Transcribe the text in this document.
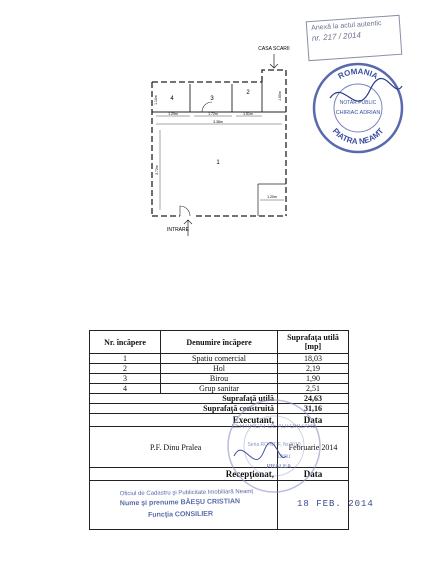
Anexă la actul autentic
nr. 217 / 2014
ROMANIA
PIATRA NEAMT
NOTAR PUBLIC
CHIRIAC ADRIAN
CASA SCARII
INTRARE
4	3
2
1
1.10m
1.29m	1.72m	1.51m
1.60m
3.38m
3.72m
1.20m
Nr. încăpere	Denumire încăpere	Suprafaţa utilă [mp]
1	Spatiu comercial	18,03
2	Hol	2,19
3	Birou	1,90
4	Grup sanitar	2,51
Suprafaţă utilă		24,63
Suprafaţă construită		31,16
Executant,		Data
P.F. Dinu Pralea		Februarie 2014
Recepţionat,		Data

CERTIFICAT DE AUTORIZARE
Seria RO-NT-F, Nr.0010
Dinu
PRALEA
Oficiul de Cadastru şi Publicitate Imobiliară Neamț
Nume şi prenume BĂEŞU CRISTIAN
Funcţia CONSILIER
18 FEB. 2014
